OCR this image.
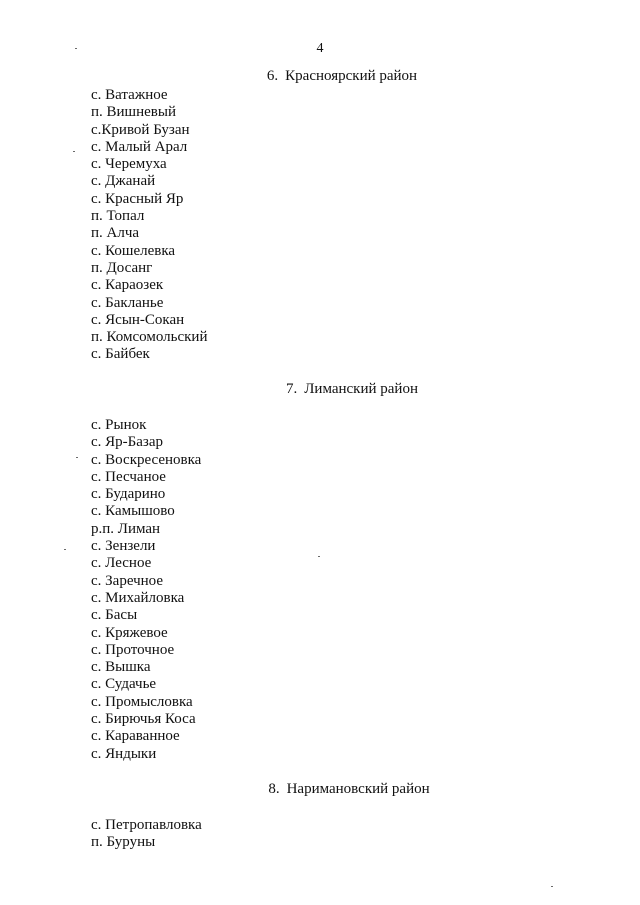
4
6. Красноярский район
с. Ватажное
п. Вишневый
с.Кривой Бузан
с. Малый Арал
с. Черемуха
с. Джанай
с. Красный Яр
п. Топал
п. Алча
с. Кошелевка
п. Досанг
с. Караозек
с. Бакланье
с. Ясын-Сокан
п. Комсомольский
с. Байбек
7. Лиманский район
с. Рынок
с. Яр-Базар
с. Воскресеновка
с. Песчаное
с. Бударино
с. Камышово
р.п. Лиман
с. Зензели
с. Лесное
с. Заречное
с. Михайловка
с. Басы
с. Кряжевое
с. Проточное
с. Вышка
с. Судачье
с. Промысловка
с. Бирючья Коса
с. Караванное
с. Яндыки
8. Наримановский район
с. Петропавловка
п. Буруны
